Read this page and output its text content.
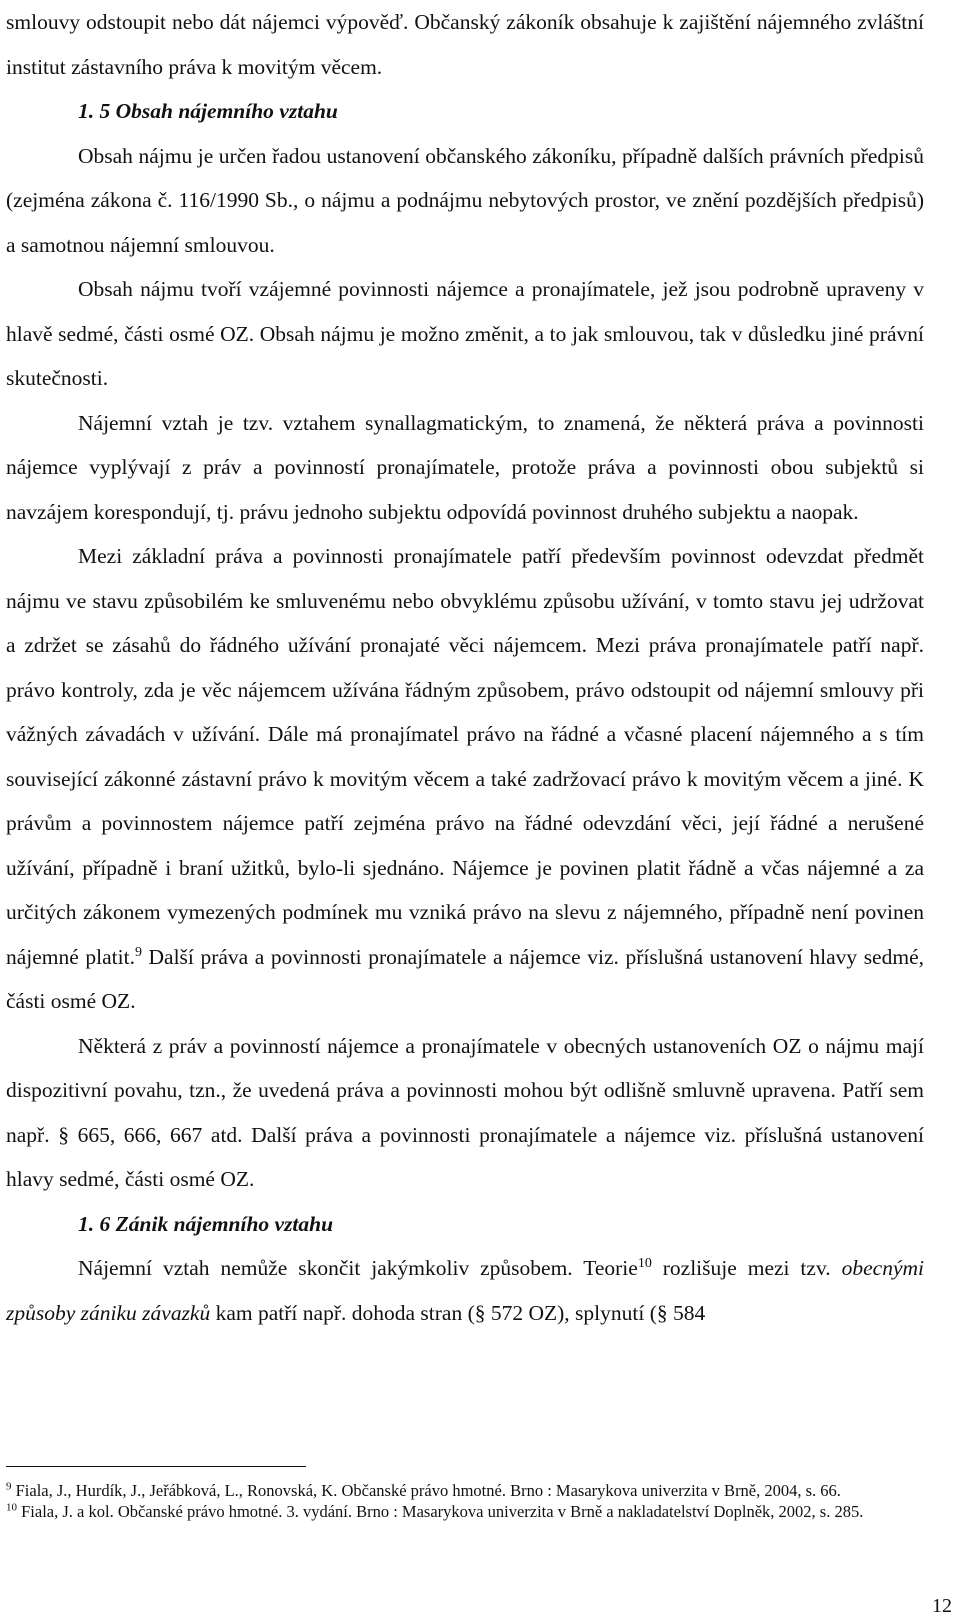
smlouvy odstoupit nebo dát nájemci výpověď. Občanský zákoník obsahuje k zajištění nájemného zvláštní institut zástavního práva k movitým věcem.

1. 5 Obsah nájemního vztahu

Obsah nájmu je určen řadou ustanovení občanského zákoníku, případně dalších právních předpisů (zejména zákona č. 116/1990 Sb., o nájmu a podnájmu nebytových prostor, ve znění pozdějších předpisů) a samotnou nájemní smlouvou.

Obsah nájmu tvoří vzájemné povinnosti nájemce a pronajímatele, jež jsou podrobně upraveny v hlavě sedmé, části osmé OZ. Obsah nájmu je možno změnit, a to jak smlouvou, tak v důsledku jiné právní skutečnosti.

Nájemní vztah je tzv. vztahem synallagmatickým, to znamená, že některá práva a povinnosti nájemce vyplývají z práv a povinností pronajímatele, protože práva a povinnosti obou subjektů si navzájem korespondují, tj. právu jednoho subjektu odpovídá povinnost druhého subjektu a naopak.

Mezi základní práva a povinnosti pronajímatele patří především povinnost odevzdat předmět nájmu ve stavu způsobilém ke smluvenému nebo obvyklému způsobu užívání, v tomto stavu jej udržovat a zdržet se zásahů do řádného užívání pronajaté věci nájemcem. Mezi práva pronajímatele patří např. právo kontroly, zda je věc nájemcem užívána řádným způsobem, právo odstoupit od nájemní smlouvy při vážných závadách v užívání. Dále má pronajímatel právo na řádné a včasné placení nájemného a s tím související zákonné zástavní právo k movitým věcem a také zadržovací právo k movitým věcem a jiné. K právům a povinnostem nájemce patří zejména právo na řádné odevzdání věci, její řádné a nerušené užívání, případně i braní užitků, bylo-li sjednáno. Nájemce je povinen platit řádně a včas nájemné a za určitých zákonem vymezených podmínek mu vzniká právo na slevu z nájemného, případně není povinen nájemné platit.$^9$ Další práva a povinnosti pronajímatele a nájemce viz. příslušná ustanovení hlavy sedmé, části osmé OZ.

Některá z práv a povinností nájemce a pronajímatele v obecných ustanoveních OZ o nájmu mají dispozitivní povahu, tzn., že uvedená práva a povinnosti mohou být odlišně smluvně upravena. Patří sem např. § 665, 666, 667 atd. Další práva a povinnosti pronajímatele a nájemce viz. příslušná ustanovení hlavy sedmé, části osmé OZ.

1. 6 Zánik nájemního vztahu

Nájemní vztah nemůže skončit jakýmkoliv způsobem. Teorie$^{10}$ rozlišuje mezi tzv. obecnými způsoby zániku závazků kam patří např. dohoda stran (§ 572 OZ), splynutí (§ 584

$^9$ Fiala, J., Hurdík, J., Jeřábková, L., Ronovská, K. Občanské právo hmotné. Brno : Masarykova univerzita v Brně, 2004, s. 66.

$^{10}$ Fiala, J. a kol. Občanské právo hmotné. 3. vydání. Brno : Masarykova univerzita v Brně a nakladatelství Doplněk, 2002, s. 285.

12
